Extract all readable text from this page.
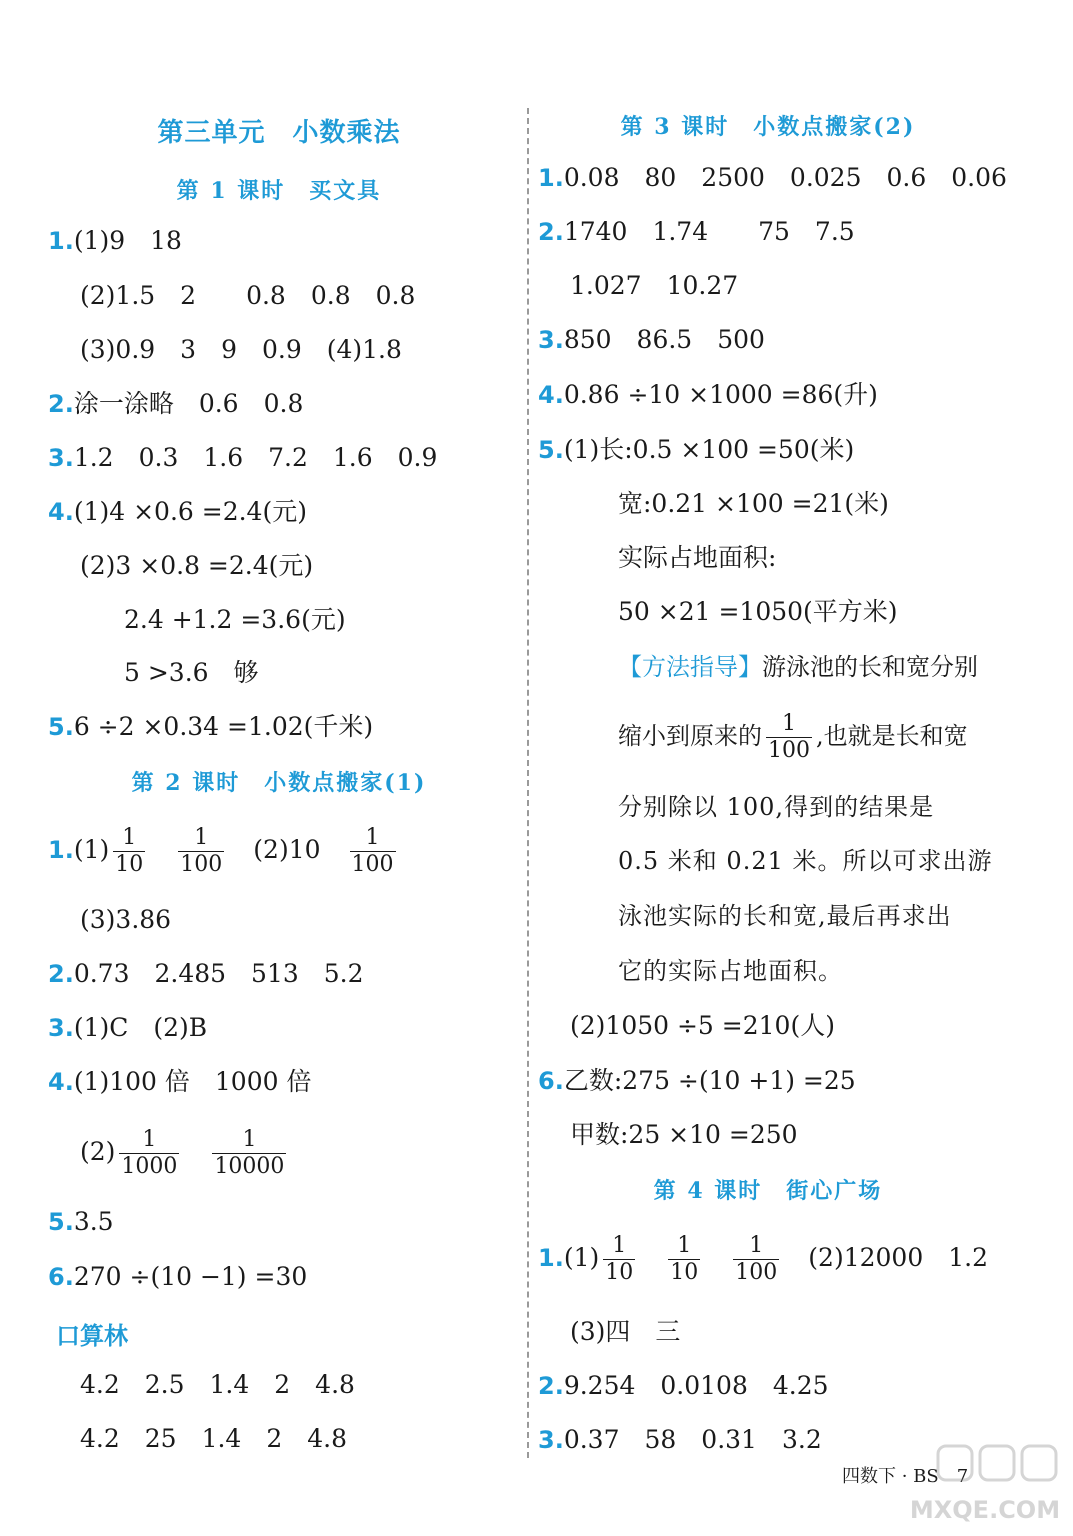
第三单元　小数乘法
第 1 课时　买文具
1.(1)9　18
(2)1.5　2　　0.8　0.8　0.8
(3)0.9　3　9　0.9　(4)1.8
2.涂一涂略　0.6　0.8
3.1.2　0.3　1.6　7.2　1.6　0.9
4.(1)4 ×0.6 =2.4(元)
(2)3 ×0.8 =2.4(元)
2.4 +1.2 =3.6(元)
5 >3.6　够
5.6 ÷2 ×0.34 =1.02(千米)
第 2 课时　小数点搬家(1)
$1.(1) \frac{1}{10}$
　 $\frac{1}{100}$
　 (2)10　 $\frac{1}{100}$
(3)3.86
2.0.73　2.485　513　5.2
3.(1)C　(2)B
4.(1)100 倍　1000 倍
$(2) \frac{1}{1000}$
　 $\frac{1}{10000}$
5.3.5
6.270 ÷(10 −1) =30
口算林
4.2　2.5　1.4　2　4.8
4.2　25　1.4　2　4.8
第 3 课时　小数点搬家(2)
1.0.08　80　2500　0.025　0.6　0.06
2.1740　1.74　　75　7.5
1.027　10.27
3.850　86.5　500
4.0.86 ÷10 ×1000 =86(升)
5.(1)长:0.5 ×100 =50(米)
宽:0.21 ×100 =21(米)
实际占地面积:
50 ×21 =1050(平方米)
【方法指导】游泳池的长和宽分别
缩小到原来的 $\frac{1}{100}$ ,也就是长和宽
分别除以 100,得到的结果是
0.5 米和 0.21 米。所以可求出游
泳池实际的长和宽,最后再求出
它的实际占地面积。
(2)1050 ÷5 =210(人)
6.乙数:275 ÷(10 +1) =25
甲数:25 ×10 =250
第 4 课时　街心广场
$1.(1) \frac{1}{10}$
　 $\frac{1}{10}$
　 $\frac{1}{100}$
　 (2)12000　1.2
(3)四　三
2.9.254　0.0108　4.25
3.0.37　58　0.31　3.2
四数下 · BS　7
MXQE.COM
